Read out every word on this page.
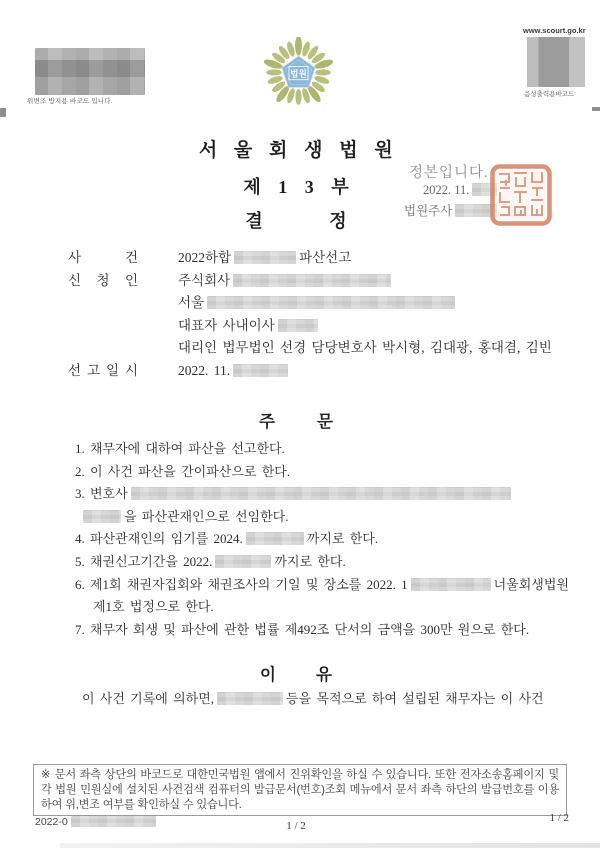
위변조 방지용 바코드 입니다.
법원
www.scourt.go.kr
음성출력용바코드
서 울 회 생 법 원
제 1 3 부
결 정
정본입니다.
2022. 11.
법원주사
사 건	2022하합	파산선고
신 청 인	주식회사
서울
대표자 사내이사
대리인 법무법인 선경 담당변호사 박시형, 김대광, 홍대겸, 김빈
선 고 일 시	2022. 11.
주 문
1. 채무자에 대하여 파산을 선고한다.
2. 이 사건 파산을 간이파산으로 한다.
3. 변호사
을 파산관재인으로 선임한다.
4. 파산관재인의 임기를 2024.	까지로 한다.
5. 채권신고기간을 2022.	까지로 한다.
6. 제1회 채권자집회와 채권조사의 기일 및 장소를 2022. 1	너울회생법원
제1호 법정으로 한다.
7. 채무자 회생 및 파산에 관한 법률 제492조 단서의 금액을 300만 원으로 한다.
이 유
이 사건 기록에 의하면,	등을 목적으로 하여 설립된 채무자는 이 사건
※ 문서 좌측 상단의 바코드로 대한민국법원 앱에서 진위확인을 하실 수 있습니다. 또한 전자소송홈페이지 및 각 법원 민원실에 설치된 사건검색 컴퓨터의 발급문서(번호)조회 메뉴에서 문서 좌측 하단의 발급번호를 이용하여 위,변조 여부를 확인하실 수 있습니다.
2022-0	1 / 2
1 / 2
